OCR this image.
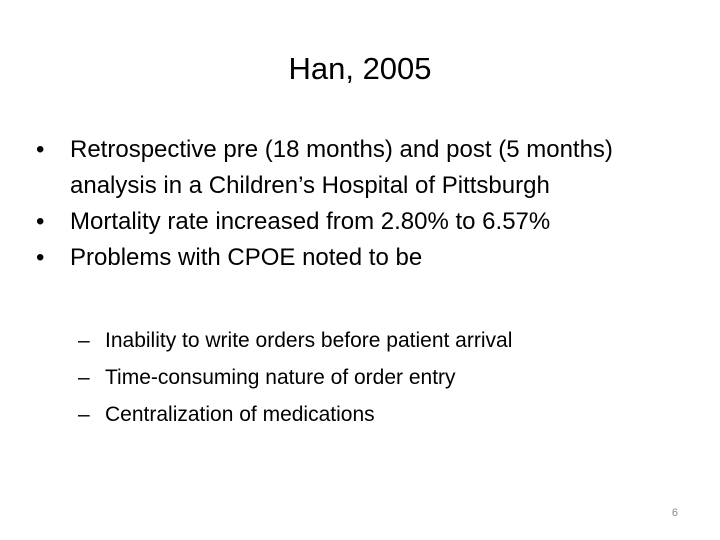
Han, 2005
•	Retrospective pre (18 months) and post (5 months) analysis in a Children’s Hospital of Pittsburgh
•	Mortality rate increased from 2.80% to 6.57%
•	Problems with CPOE noted to be
– Inability to write orders before patient arrival
– Time-consuming nature of order entry
– Centralization of medications
6
